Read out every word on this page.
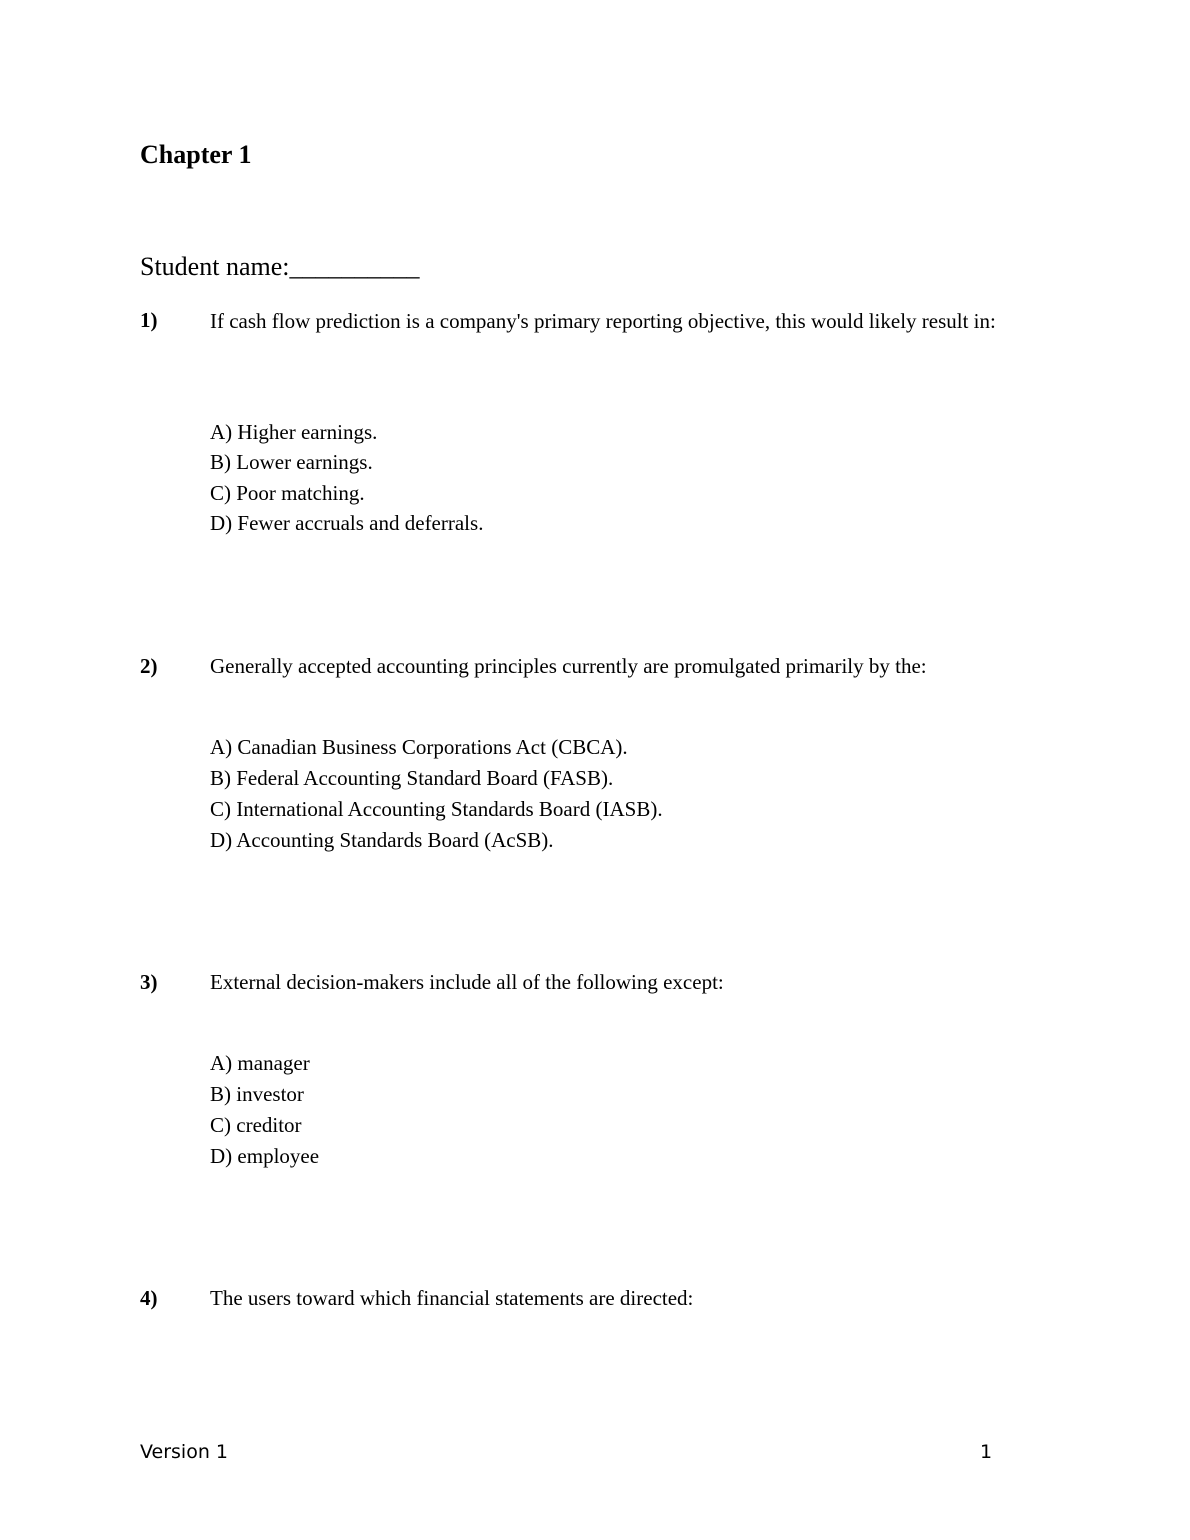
Chapter 1
Student name:__________
1)	If cash flow prediction is a company's primary reporting objective, this would likely result in:
A) Higher earnings.
B) Lower earnings.
C) Poor matching.
D) Fewer accruals and deferrals.
2)	Generally accepted accounting principles currently are promulgated primarily by the:
A) Canadian Business Corporations Act (CBCA).
B) Federal Accounting Standard Board (FASB).
C) International Accounting Standards Board (IASB).
D) Accounting Standards Board (AcSB).
3)	External decision-makers include all of the following except:
A) manager
B) investor
C) creditor
D) employee
4)	The users toward which financial statements are directed:
Version 1	1
